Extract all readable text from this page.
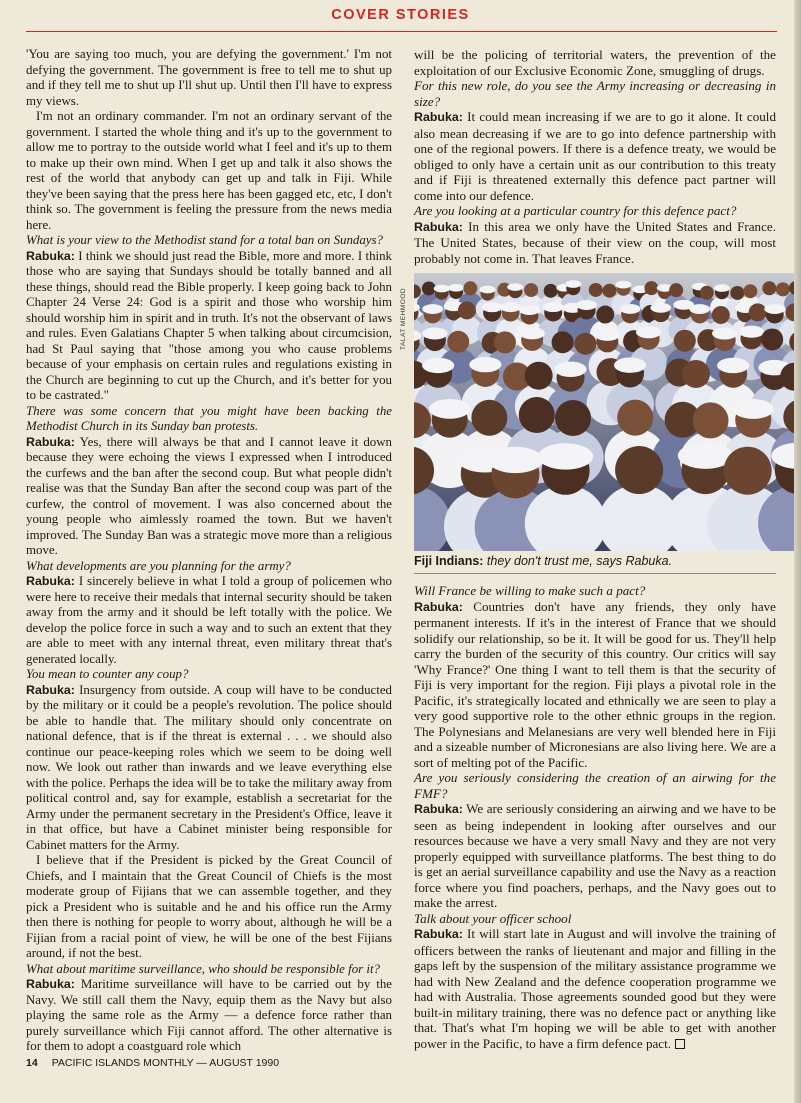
COVER STORIES

'You are saying too much, you are defying the government.' I'm not defying the government. The government is free to tell me to shut up and if they tell me to shut up I'll shut up. Until then I'll have to express my views.

I'm not an ordinary commander. I'm not an ordinary servant of the government. I started the whole thing and it's up to the government to allow me to portray to the outside world what I feel and it's up to them to make up their own mind. When I get up and talk it also shows the rest of the world that anybody can get up and talk in Fiji. While they've been saying that the press here has been gagged etc, etc, I don't think so. The government is feeling the pressure from the news media here.

What is your view to the Methodist stand for a total ban on Sundays?

Rabuka: I think we should just read the Bible, more and more. I think those who are saying that Sundays should be totally banned and all these things, should read the Bible properly. I keep going back to John Chapter 24 Verse 24: God is a spirit and those who worship him should worship him in spirit and in truth. It's not the observant of laws and rules. Even Galatians Chapter 5 when talking about circumcision, had St Paul saying that "those among you who cause problems because of your emphasis on certain rules and regulations existing in the Church are beginning to cut up the Church, and it's better for you to be castrated."

There was some concern that you might have been backing the Methodist Church in its Sunday ban protests.

Rabuka: Yes, there will always be that and I cannot leave it down because they were echoing the views I expressed when I introduced the curfews and the ban after the second coup. But what people didn't realise was that the Sunday Ban after the second coup was part of the curfew, the control of movement. I was also concerned about the young people who aimlessly roamed the town. But we haven't improved. The Sunday Ban was a strategic move more than a religious move.

What developments are you planning for the army?

Rabuka: I sincerely believe in what I told a group of policemen who were here to receive their medals that internal security should be taken away from the army and it should be left totally with the police. We develop the police force in such a way and to such an extent that they are able to meet with any internal threat, even military threat that's generated locally.

You mean to counter any coup?

Rabuka: Insurgency from outside. A coup will have to be conducted by the military or it could be a people's revolution. The police should be able to handle that. The military should only concentrate on national defence, that is if the threat is external . . . we should also continue our peace-keeping roles which we seem to be doing well now. We look out rather than inwards and we leave everything else with the police. Perhaps the idea will be to take the military away from political control and, say for example, establish a secretariat for the Army under the permanent secretary in the President's Office, leave it in that office, but have a Cabinet minister being responsible for Cabinet matters for the Army.

I believe that if the President is picked by the Great Council of Chiefs, and I maintain that the Great Council of Chiefs is the most moderate group of Fijians that we can assemble together, and they pick a President who is suitable and he and his office run the Army then there is nothing for people to worry about, although he will be a Fijian from a racial point of view, he will be one of the best Fijians around, if not the best.

What about maritime surveillance, who should be responsible for it?

Rabuka: Maritime surveillance will have to be carried out by the Navy. We still call them the Navy, equip them as the Navy but also playing the same role as the Army — a defence force rather than purely surveillance which Fiji cannot afford. The other alternative is for them to adopt a coastguard role which

will be the policing of territorial waters, the prevention of the exploitation of our Exclusive Economic Zone, smuggling of drugs.

For this new role, do you see the Army increasing or decreasing in size?

Rabuka: It could mean increasing if we are to go it alone. It could also mean decreasing if we are to go into defence partnership with one of the regional powers. If there is a defence treaty, we would be obliged to only have a certain unit as our contribution to this treaty and if Fiji is threatened externally this defence pact partner will come into our defence.

Are you looking at a particular country for this defence pact?

Rabuka: In this area we only have the United States and France. The United States, because of their view on the coup, will most probably not come in. That leaves France.

TALAT MEHMOOD
Fiji Indians: they don't trust me, says Rabuka.

Will France be willing to make such a pact?

Rabuka: Countries don't have any friends, they only have permanent interests. If it's in the interest of France that we should solidify our relationship, so be it. It will be good for us. They'll help carry the burden of the security of this country. Our critics will say 'Why France?' One thing I want to tell them is that the security of Fiji is very important for the region. Fiji plays a pivotal role in the Pacific, it's strategically located and ethnically we are seen to play a very good supportive role to the other ethnic groups in the region. The Polynesians and Melanesians are very well blended here in Fiji and a sizeable number of Micronesians are also living here. We are a sort of melting pot of the Pacific.

Are you seriously considering the creation of an airwing for the FMF?

Rabuka: We are seriously considering an airwing and we have to be seen as being independent in looking after ourselves and our resources because we have a very small Navy and they are not very properly equipped with surveillance platforms. The best thing to do is get an aerial surveillance capability and use the Navy as a reaction force where you find poachers, perhaps, and the Navy goes out to make the arrest.

Talk about your officer school

Rabuka: It will start late in August and will involve the training of officers between the ranks of lieutenant and major and filling in the gaps left by the suspension of the military assistance programme we had with New Zealand and the defence cooperation programme we had with Australia. Those agreements sounded good but they were built-in military training, there was no defence pact or anything like that. That's what I'm hoping we will be able to get with another power in the Pacific, to have a firm defence pact.

14 PACIFIC ISLANDS MONTHLY — AUGUST 1990
